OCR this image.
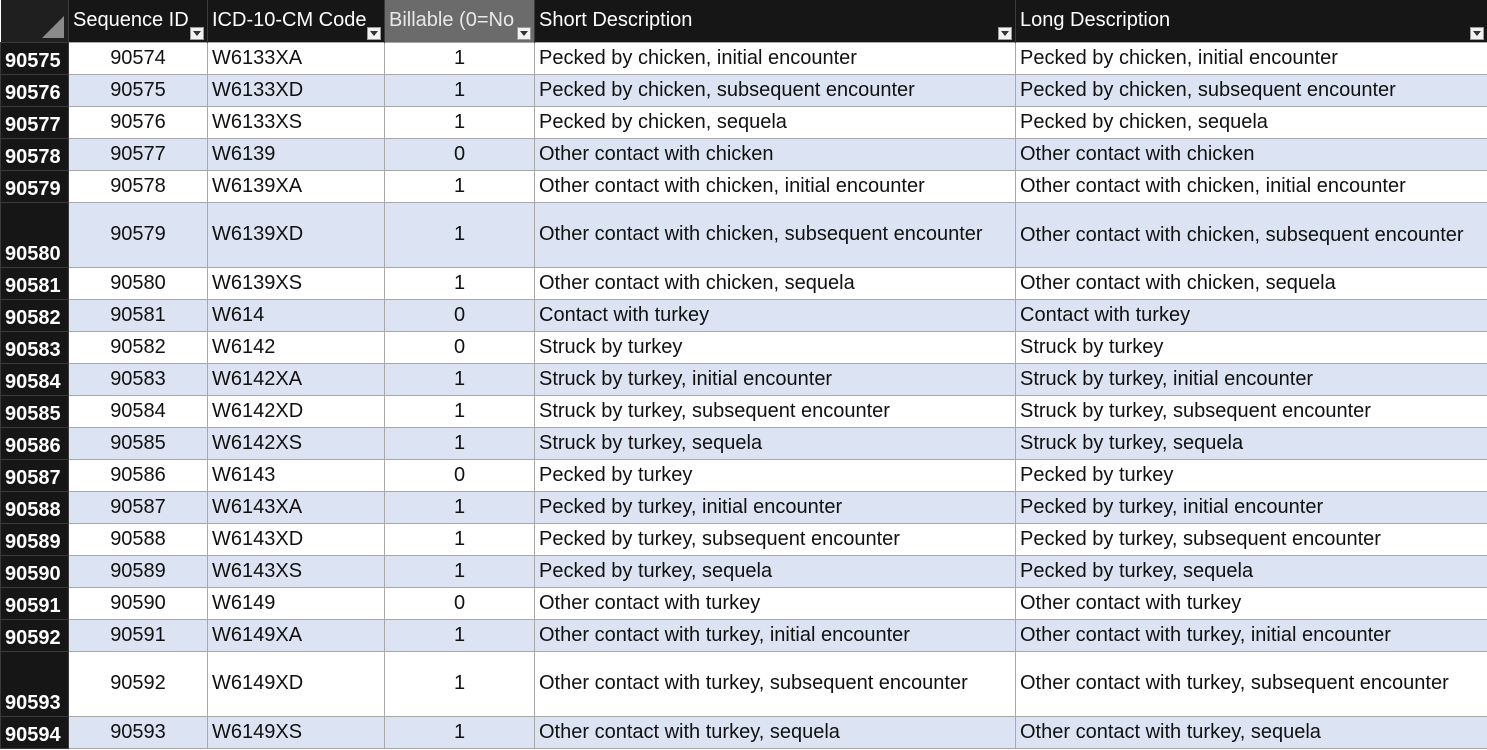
	Sequence ID	ICD-10-CM Code	Billable (0=No	Short Description	Long Description

90575	90574	W6133XA	1	Pecked by chicken, initial encounter	Pecked by chicken, initial encounter
90576	90575	W6133XD	1	Pecked by chicken, subsequent encounter	Pecked by chicken, subsequent encounter
90577	90576	W6133XS	1	Pecked by chicken, sequela	Pecked by chicken, sequela
90578	90577	W6139	0	Other contact with chicken	Other contact with chicken
90579	90578	W6139XA	1	Other contact with chicken, initial encounter	Other contact with chicken, initial encounter
90580	90579	W6139XD	1	Other contact with chicken, subsequent encounter	Other contact with chicken, subsequent encounter
90581	90580	W6139XS	1	Other contact with chicken, sequela	Other contact with chicken, sequela
90582	90581	W614	0	Contact with turkey	Contact with turkey
90583	90582	W6142	0	Struck by turkey	Struck by turkey
90584	90583	W6142XA	1	Struck by turkey, initial encounter	Struck by turkey, initial encounter
90585	90584	W6142XD	1	Struck by turkey, subsequent encounter	Struck by turkey, subsequent encounter
90586	90585	W6142XS	1	Struck by turkey, sequela	Struck by turkey, sequela
90587	90586	W6143	0	Pecked by turkey	Pecked by turkey
90588	90587	W6143XA	1	Pecked by turkey, initial encounter	Pecked by turkey, initial encounter
90589	90588	W6143XD	1	Pecked by turkey, subsequent encounter	Pecked by turkey, subsequent encounter
90590	90589	W6143XS	1	Pecked by turkey, sequela	Pecked by turkey, sequela
90591	90590	W6149	0	Other contact with turkey	Other contact with turkey
90592	90591	W6149XA	1	Other contact with turkey, initial encounter	Other contact with turkey, initial encounter
90593	90592	W6149XD	1	Other contact with turkey, subsequent encounter	Other contact with turkey, subsequent encounter
90594	90593	W6149XS	1	Other contact with turkey, sequela	Other contact with turkey, sequela
